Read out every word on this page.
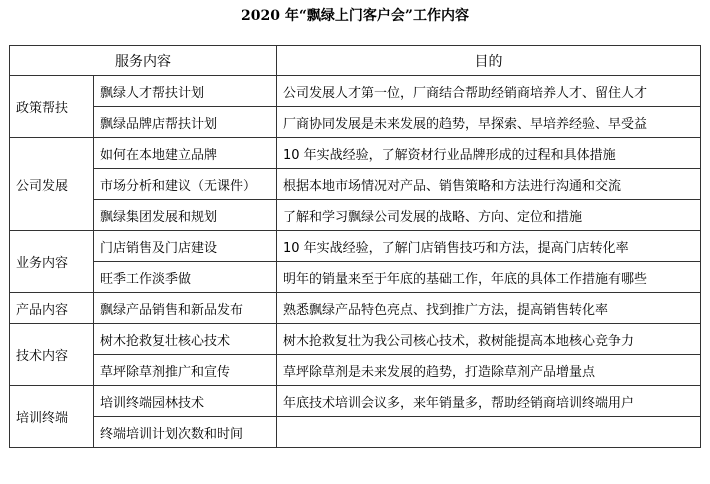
2020 年“飘绿上门客户会”工作内容
服务内容		目的
政策帮扶	飘绿人才帮扶计划	公司发展人才第一位，厂商结合帮助经销商培养人才、留住人才
	飘绿品牌店帮扶计划	厂商协同发展是未来发展的趋势，早探索、早培养经验、早受益
公司发展	如何在本地建立品牌	10 年实战经验，了解资材行业品牌形成的过程和具体措施
	市场分析和建议（无课件）	根据本地市场情况对产品、销售策略和方法进行沟通和交流
	飘绿集团发展和规划	了解和学习飘绿公司发展的战略、方向、定位和措施
业务内容	门店销售及门店建设	10 年实战经验，了解门店销售技巧和方法，提高门店转化率
	旺季工作淡季做	明年的销量来至于年底的基础工作，年底的具体工作措施有哪些
产品内容	飘绿产品销售和新品发布	熟悉飘绿产品特色亮点、找到推广方法，提高销售转化率
技术内容	树木抢救复壮核心技术	树木抢救复壮为我公司核心技术，救树能提高本地核心竞争力
	草坪除草剂推广和宣传	草坪除草剂是未来发展的趋势，打造除草剂产品增量点
培训终端	培训终端园林技术	年底技术培训会议多，来年销量多，帮助经销商培训终端用户
	终端培训计划次数和时间	
